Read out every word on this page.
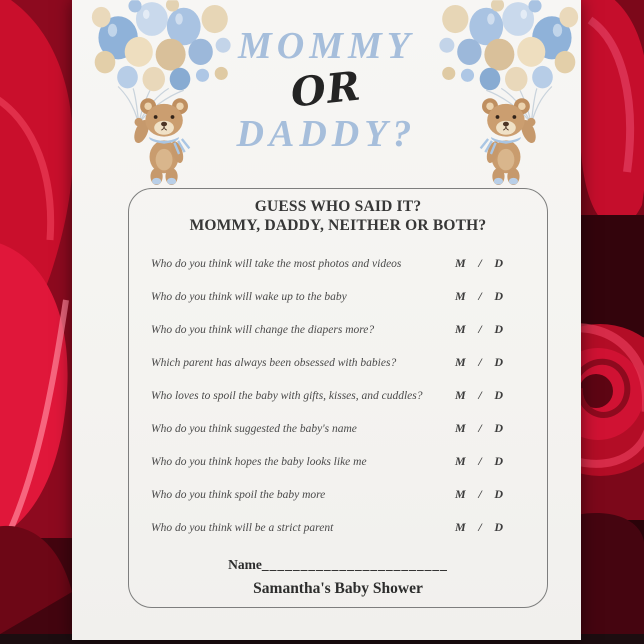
MOMMY
OR
DADDY?
GUESS WHO SAID IT?
MOMMY, DADDY, NEITHER OR BOTH?
Who do you think will take the most photos and videos	M / D
Who do you think will wake up to the baby	M / D
Who do you think will change the diapers more?	M / D
Which parent has always been obsessed with babies?	M / D
Who loves to spoil the baby with gifts, kisses, and cuddles?	M / D
Who do you think suggested the baby's name	M / D
Who do you think hopes the baby looks like me	M / D
Who do you think spoil the baby more	M / D
Who do you think will be a strict parent	M / D
Name________________________
Samantha's Baby Shower
